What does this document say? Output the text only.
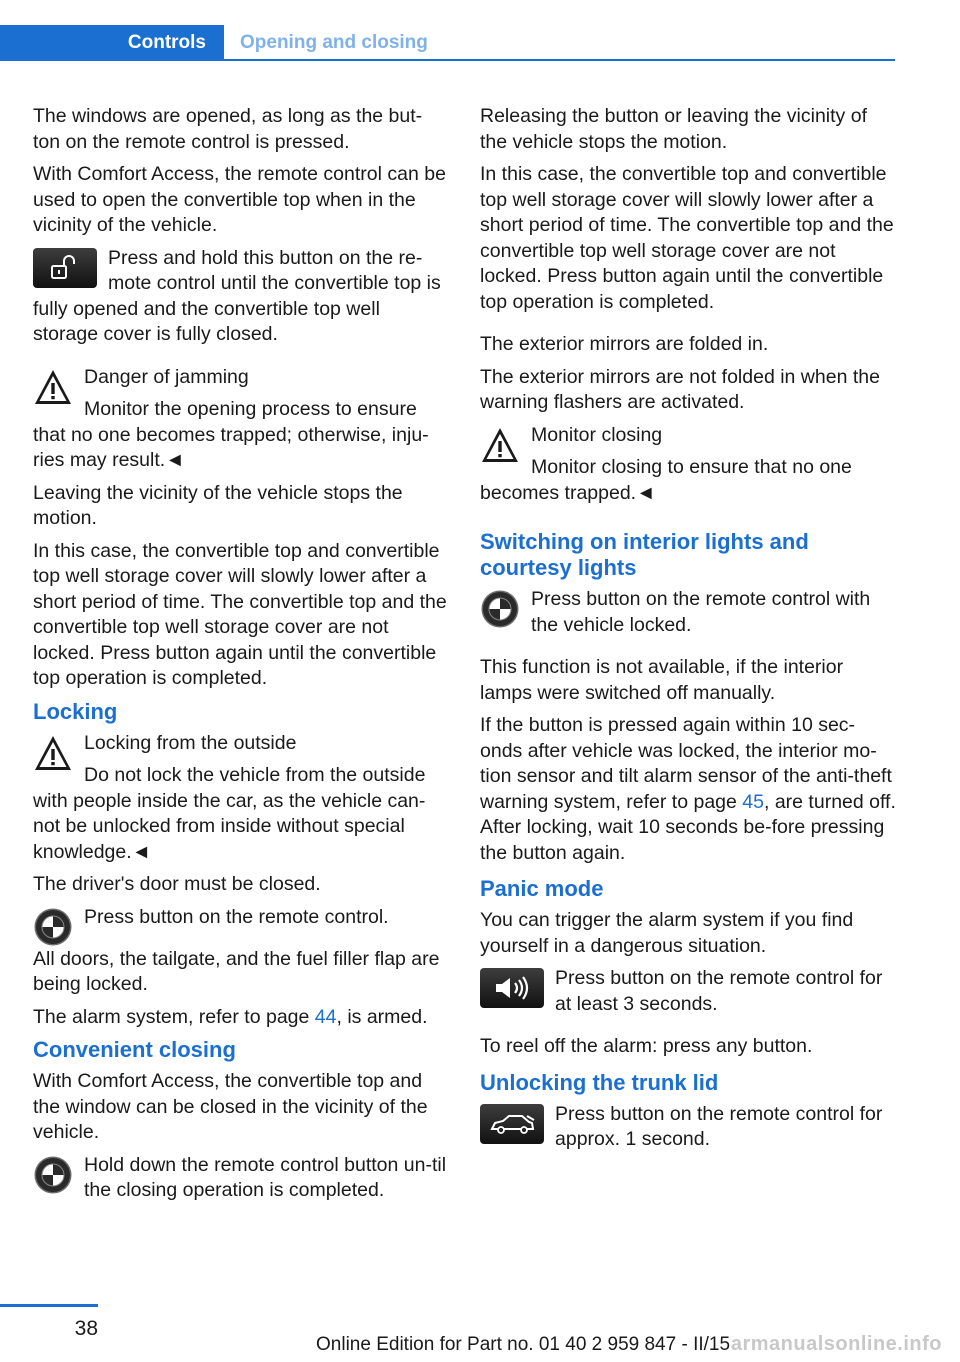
Controls	Opening and closing

The windows are opened, as long as the but‐ton on the remote control is pressed.

With Comfort Access, the remote control can be used to open the convertible top when in the vicinity of the vehicle.

Press and hold this button on the re‐mote control until the convertible top is fully opened and the convertible top well storage cover is fully closed.

Danger of jamming

Monitor the opening process to ensure that no one becomes trapped; otherwise, inju‐ries may result.◄

Leaving the vicinity of the vehicle stops the motion.

In this case, the convertible top and convertible top well storage cover will slowly lower after a short period of time. The convertible top and the convertible top well storage cover are not locked. Press button again until the convertible top operation is completed.

Locking

Locking from the outside

Do not lock the vehicle from the outside with people inside the car, as the vehicle can‐not be unlocked from inside without special knowledge.◄

The driver's door must be closed.

Press button on the remote control.

All doors, the tailgate, and the fuel filler flap are being locked.

The alarm system, refer to page 44, is armed.

Convenient closing

With Comfort Access, the convertible top and the window can be closed in the vicinity of the vehicle.

Hold down the remote control button un‐til the closing operation is completed.

Releasing the button or leaving the vicinity of the vehicle stops the motion.

In this case, the convertible top and convertible top well storage cover will slowly lower after a short period of time. The convertible top and the convertible top well storage cover are not locked. Press button again until the convertible top operation is completed.

The exterior mirrors are folded in.

The exterior mirrors are not folded in when the warning flashers are activated.

Monitor closing

Monitor closing to ensure that no one becomes trapped.◄

Switching on interior lights and courtesy lights

Press button on the remote control with the vehicle locked.

This function is not available, if the interior lamps were switched off manually.

If the button is pressed again within 10 sec‐onds after vehicle was locked, the interior mo‐tion sensor and tilt alarm sensor of the anti-theft warning system, refer to page 45, are turned off. After locking, wait 10 seconds be‐fore pressing the button again.

Panic mode

You can trigger the alarm system if you find yourself in a dangerous situation.

Press button on the remote control for at least 3 seconds.

To reel off the alarm: press any button.

Unlocking the trunk lid

Press button on the remote control for approx. 1 second.

38
Online Edition for Part no. 01 40 2 959 847 - II/15 armanualsonline.info
